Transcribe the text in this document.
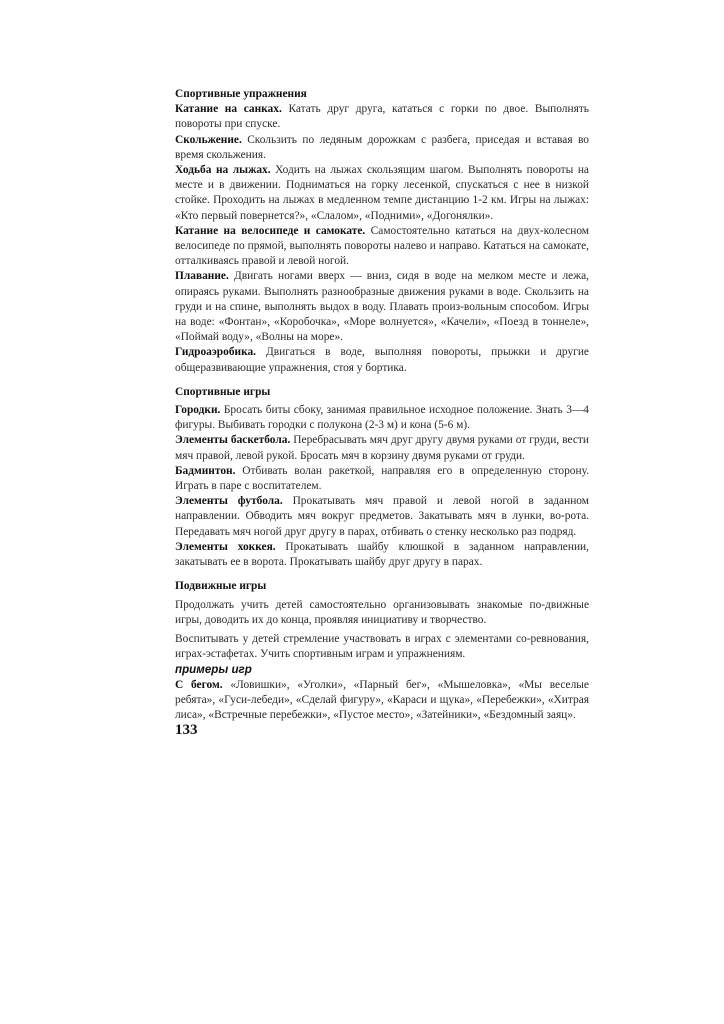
Спортивные упражнения

Катание на санках. Катать друг друга, кататься с горки по двое. Выполнять повороты при спуске.

Скольжение. Скользить по ледяным дорожкам с разбега, приседая и вставая во время скольжения.

Ходьба на лыжах. Ходить на лыжах скользящим шагом. Выполнять повороты на месте и в движении. Подниматься на горку лесенкой, спускаться с нее в низкой стойке. Проходить на лыжах в медленном темпе дистанцию 1-2 км. Игры на лыжах: «Кто первый повернется?», «Слалом», «Подними», «Догонялки».

Катание на велосипеде и самокате. Самостоятельно кататься на двух-колесном велосипеде по прямой, выполнять повороты налево и направо. Кататься на самокате, отталкиваясь правой и левой ногой.

Плавание. Двигать ногами вверх — вниз, сидя в воде на мелком месте и лежа, опираясь руками. Выполнять разнообразные движения руками в воде. Скользить на груди и на спине, выполнять выдох в воду. Плавать произ-вольным способом. Игры на воде: «Фонтан», «Коробочка», «Море волнуется», «Качели», «Поезд в тоннеле», «Поймай воду», «Волны на море».

Гидроаэробика. Двигаться в воде, выполняя повороты, прыжки и другие общеразвивающие упражнения, стоя у бортика.

Спортивные игры

Городки. Бросать биты сбоку, занимая правильное исходное положение. Знать 3—4 фигуры. Выбивать городки с полукона (2-3 м) и кона (5-6 м).

Элементы баскетбола. Перебрасывать мяч друг другу двумя руками от груди, вести мяч правой, левой рукой. Бросать мяч в корзину двумя руками от груди.

Бадминтон. Отбивать волан ракеткой, направляя его в определенную сторону. Играть в паре с воспитателем.

Элементы футбола. Прокатывать мяч правой и левой ногой в заданном направлении. Обводить мяч вокруг предметов. Закатывать мяч в лунки, во-рота. Передавать мяч ногой друг другу в парах, отбивать о стенку несколько раз подряд.

Элементы хоккея. Прокатывать шайбу клюшкой в заданном направлении, закатывать ее в ворота. Прокатывать шайбу друг другу в парах.

Подвижные игры

Продолжать учить детей самостоятельно организовывать знакомые по-движные игры, доводить их до конца, проявляя инициативу и творчество.

Воспитывать у детей стремление участвовать в играх с элементами со-ревнования, играх-эстафетах. Учить спортивным играм и упражнениям.

примеры игр

С бегом. «Ловишки», «Уголки», «Парный бег», «Мышеловка», «Мы веселые ребята», «Гуси-лебеди», «Сделай фигуру», «Караси и щука», «Перебежки», «Хитрая лиса», «Встречные перебежки», «Пустое место», «Затейники», «Бездомный заяц».

133
